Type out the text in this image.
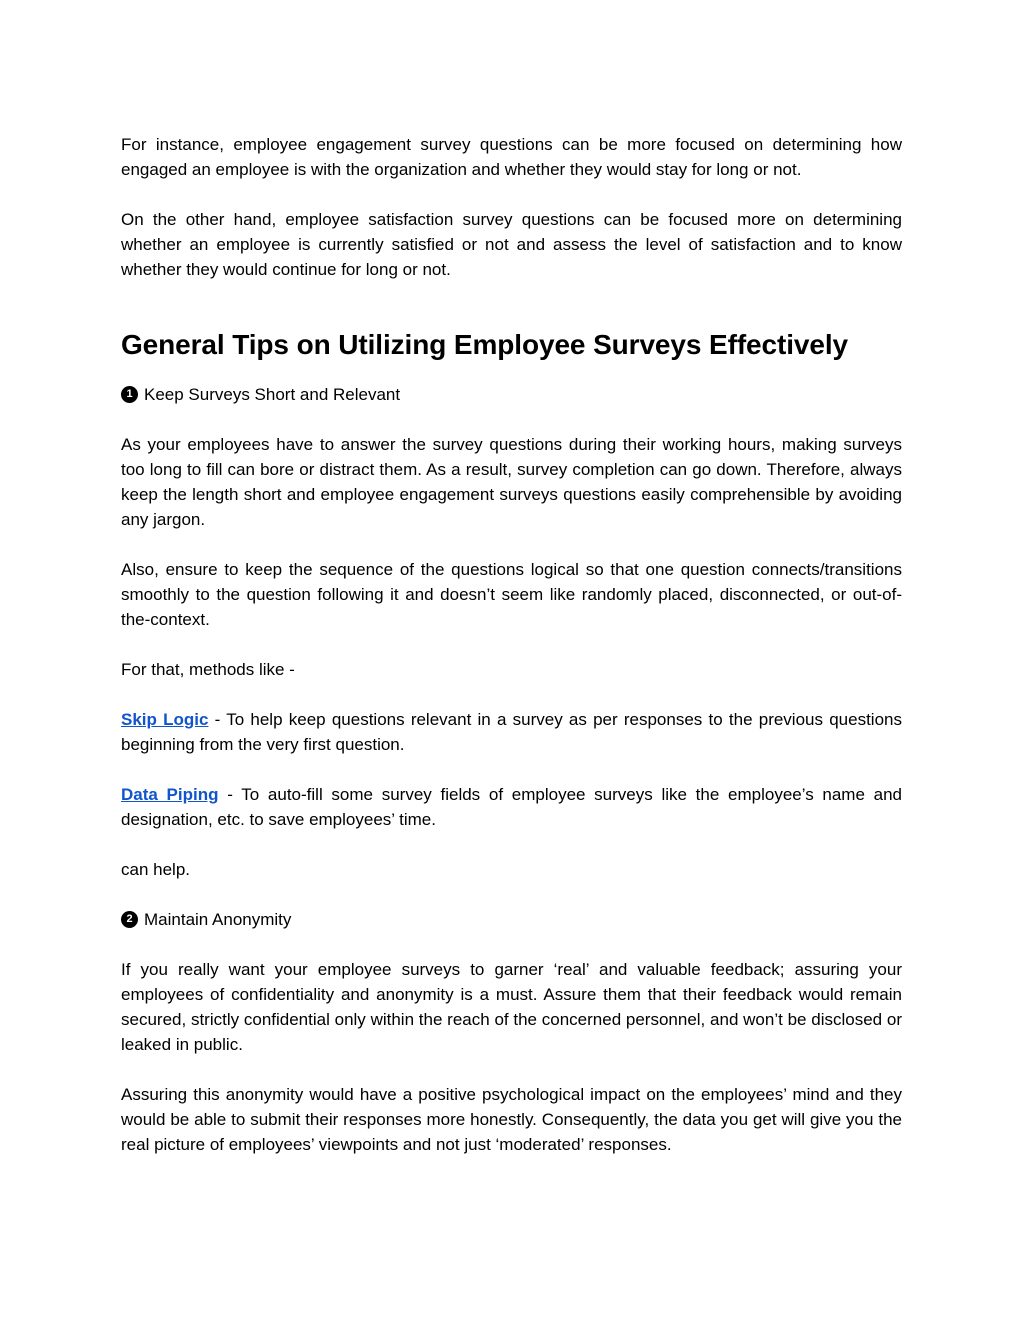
For instance, employee engagement survey questions can be more focused on determining how engaged an employee is with the organization and whether they would stay for long or not.

On the other hand, employee satisfaction survey questions can be focused more on determining whether an employee is currently satisfied or not and assess the level of satisfaction and to know whether they would continue for long or not.

General Tips on Utilizing Employee Surveys Effectively
1 Keep Surveys Short and Relevant

As your employees have to answer the survey questions during their working hours, making surveys too long to fill can bore or distract them. As a result, survey completion can go down. Therefore, always keep the length short and employee engagement surveys questions easily comprehensible by avoiding any jargon.

Also, ensure to keep the sequence of the questions logical so that one question connects/transitions smoothly to the question following it and doesn’t seem like randomly placed, disconnected, or out-of-the-context.

For that, methods like -

Skip Logic - To help keep questions relevant in a survey as per responses to the previous questions beginning from the very first question.

Data Piping - To auto-fill some survey fields of employee surveys like the employee’s name and designation, etc. to save employees’ time.

can help.

2 Maintain Anonymity

If you really want your employee surveys to garner ‘real’ and valuable feedback; assuring your employees of confidentiality and anonymity is a must. Assure them that their feedback would remain secured, strictly confidential only within the reach of the concerned personnel, and won’t be disclosed or leaked in public.

Assuring this anonymity would have a positive psychological impact on the employees’ mind and they would be able to submit their responses more honestly. Consequently, the data you get will give you the real picture of employees’ viewpoints and not just ‘moderated’ responses.
